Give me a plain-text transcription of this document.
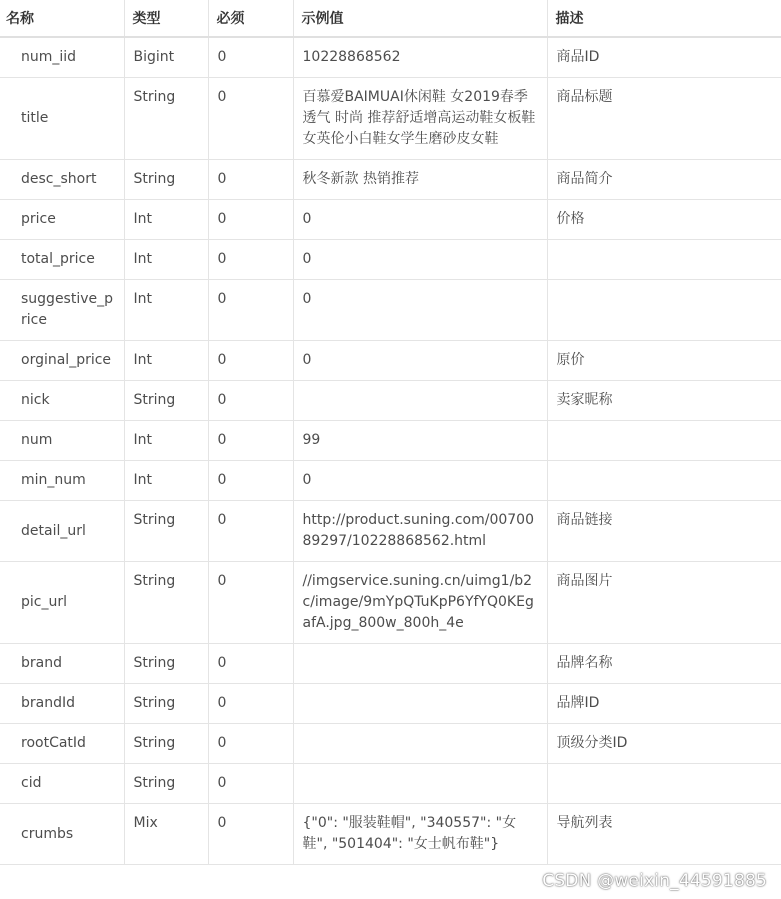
名称	类型	必须	示例值	描述
num_iid	Bigint	0	10228868562	商品ID
title	String	0	百慕爱BAIMUAI休闲鞋 女2019春季透气 时尚 推荐舒适增高运动鞋女板鞋女英伦小白鞋女学生磨砂皮女鞋	商品标题
desc_short	String	0	秋冬新款 热销推荐	商品简介
price	Int	0	0	价格
total_price	Int	0	0	
suggestive_price	Int	0	0	
orginal_price	Int	0	0	原价
nick	String	0		卖家昵称
num	Int	0	99	
min_num	Int	0	0	
detail_url	String	0	http://product.suning.com/0070089297/10228868562.html	商品链接
pic_url	String	0	//imgservice.suning.cn/uimg1/b2c/image/9mYpQTuKpP6YfYQ0KEgafA.jpg_800w_800h_4e	商品图片
brand	String	0		品牌名称
brandId	String	0		品牌ID
rootCatId	String	0		顶级分类ID
cid	String	0		
crumbs	Mix	0	{"0": "服装鞋帽", "340557": "女鞋", "501404": "女士帆布鞋"}	导航列表
CSDN @weixin_44591885
